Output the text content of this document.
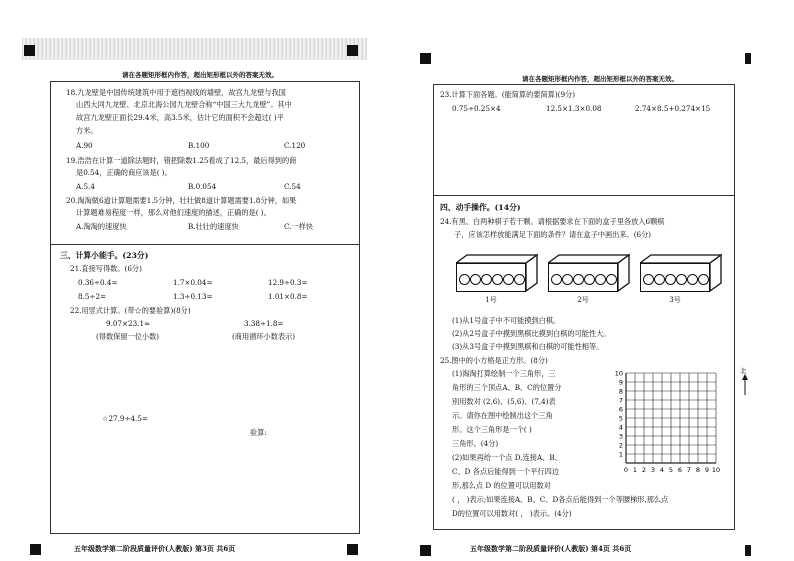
请在各题矩形框内作答，超出矩形框以外的答案无效。
18.九龙壁是中国传统建筑中用于遮挡视线的墙壁，故宫九龙壁与我国
山西大同九龙壁、北京北海公园九龙壁合称“中国三大九龙壁”。其中
故宫九龙壁正面长29.4米，高3.5米，估计它的面积不会超过( )平
方米。
A.90	B.100	C.120
19.浩浩在计算一道除法题时，错把除数1.25看成了12.5，最后得到的商
是0.54，正确的商应该是( )。
A.5.4	B.0.054	C.54
20.淘淘做6道计算题需要1.5分钟，壮壮做8道计算题需要1.8分钟，如果
计算题难易程度一样，那么对他们速度的描述，正确的是( )。
A.淘淘的速度快	B.壮壮的速度快	C.一样快
三、计算小能手。(23分)
21.直接写得数。(6分)
0.36÷0.4=	1.7×0.04=	12.9÷0.3=
8.5÷2=	1.3÷0.13=	1.01×0.8=
22.用竖式计算。(带☆的要验算)(8分)
9.07×23.1≈
(得数保留一位小数)
3.38÷1.8=
(商用循环小数表示)
☆27.9÷4.5=
验算:
五年级数学第二阶段质量评价(人教版) 第3页 共6页
请在各题矩形框内作答，超出矩形框以外的答案无效。
23.计算下面各题。(能简算的要简算)(9分)
0.75÷0.25×4	12.5×1.3×0.08	2.74×8.5+0.274×15
四、动手操作。(14分)
24.有黑、白两种棋子若干颗。请根据要求在下面的盒子里各放入6颗棋
子，应该怎样放能满足下面的条件？请在盒子中画出来。(6分)
1号	2号	3号
(1)从1号盒子中不可能摸到白棋。
(2)从2号盒子中摸到黑棋比摸到白棋的可能性大。
(3)从3号盒子中摸到黑棋和白棋的可能性相等。
25.图中的小方格是正方形。(8分)
(1)淘淘打算绘制一个三角形，三
角形的三个顶点A、B、C的位置分
别用数对 (2,6)、(5,6)、(7,4)表
示。请你在图中绘制出这个三角
形。这个三角形是一个( )
三角形。(4分)
(2)如果再给一个点 D,连接A、B、
C、D 各点后能得到一个平行四边
形,那么点 D 的位置可以用数对
( ， )表示;如果连接A、B、C、D各点后能得到一个等腰梯形,那么点
D的位置可以用数对( ， )表示。(4分)
10
9
8
7
6
5
4
3
2
1
0 1 2 3 4 5 6 7 8 9 10
北
五年级数学第二阶段质量评价(人教版) 第4页 共6页
